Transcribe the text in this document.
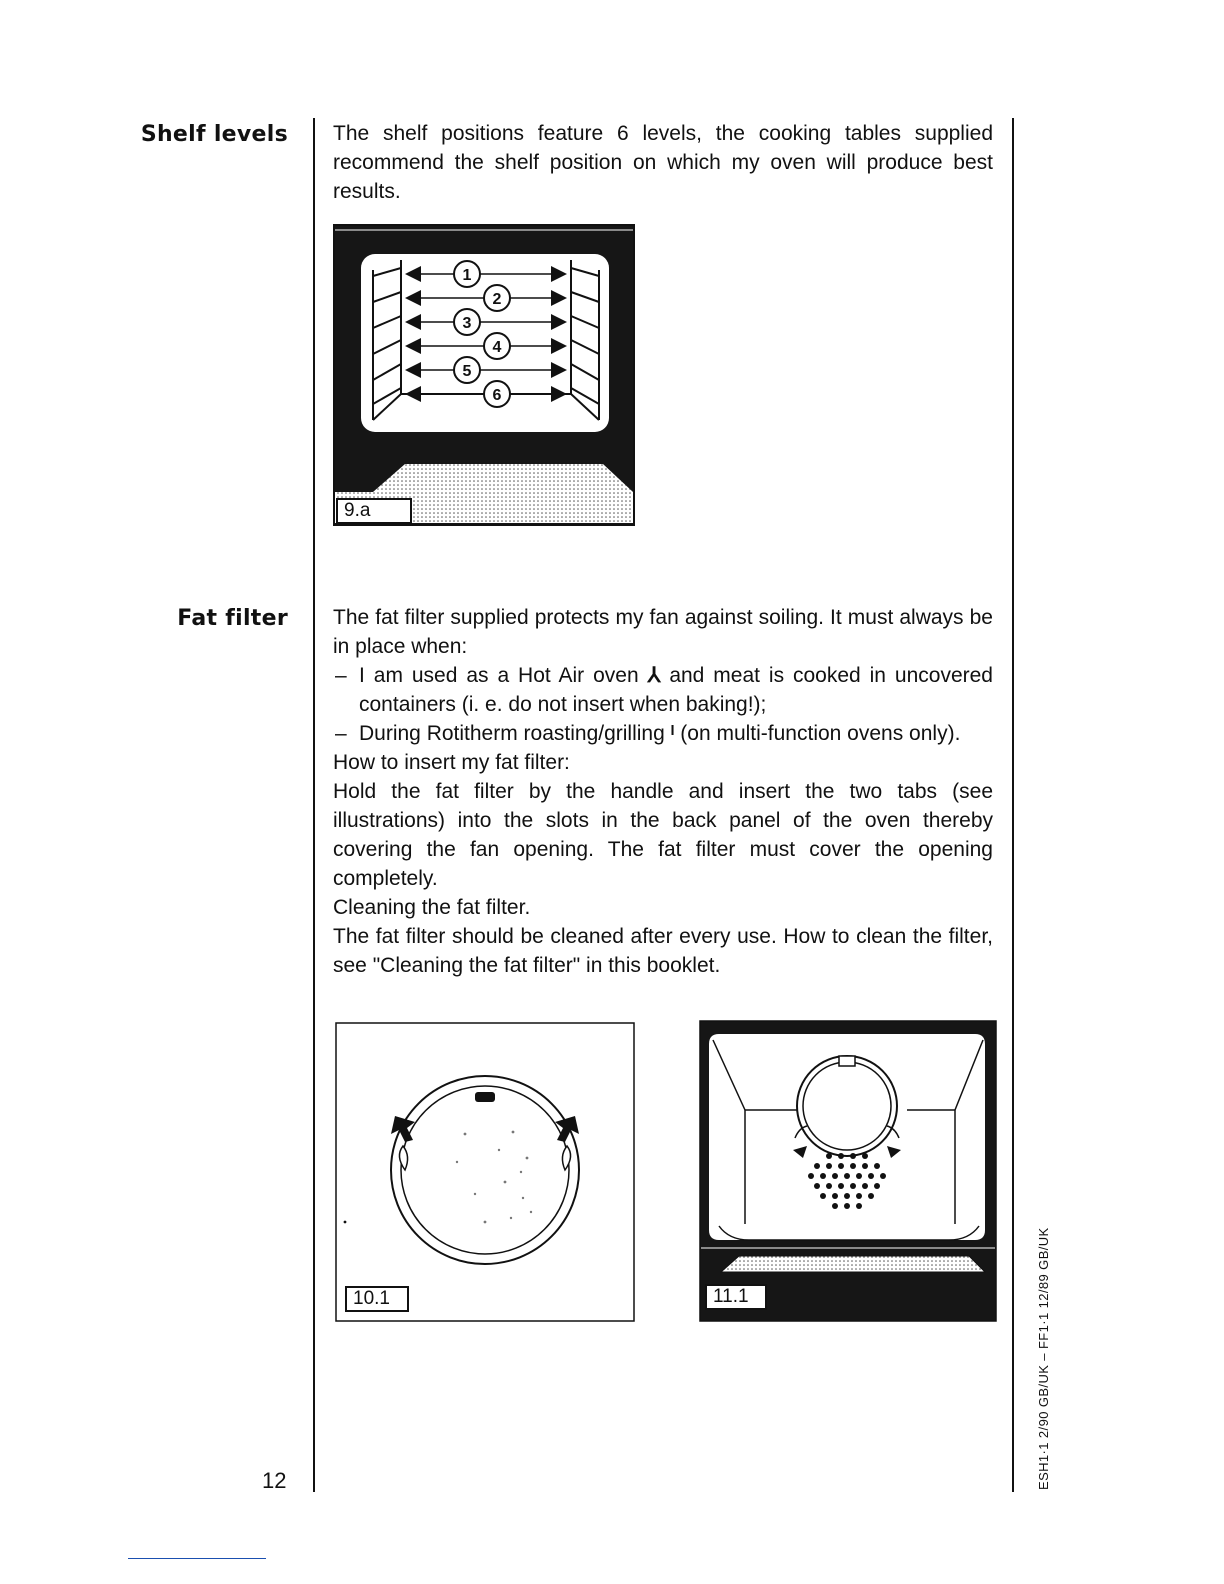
Shelf levels
Fat filter

The shelf positions feature 6 levels, the cooking tables supplied recommend the shelf position on which my oven will produce best results.

1
2
3
4
5
6
9.a

The fat filter supplied protects my fan against soiling. It must always be in place when:

– I am used as a Hot Air oven ⅄ and meat is cooked in uncovered containers (i. e. do not insert when baking!);

– During Rotitherm roasting/grilling ᴵ (on multi-function ovens only).

How to insert my fat filter:

Hold the fat filter by the handle and insert the two tabs (see illustrations) into the slots in the back panel of the oven thereby covering the fan opening. The fat filter must cover the opening completely.

Cleaning the fat filter.

The fat filter should be cleaned after every use. How to clean the filter, see "Cleaning the fat filter" in this booklet.

10.1	11.1
12	ESH1·1 2/90 GB/UK – FF1·1 12/89 GB/UK
